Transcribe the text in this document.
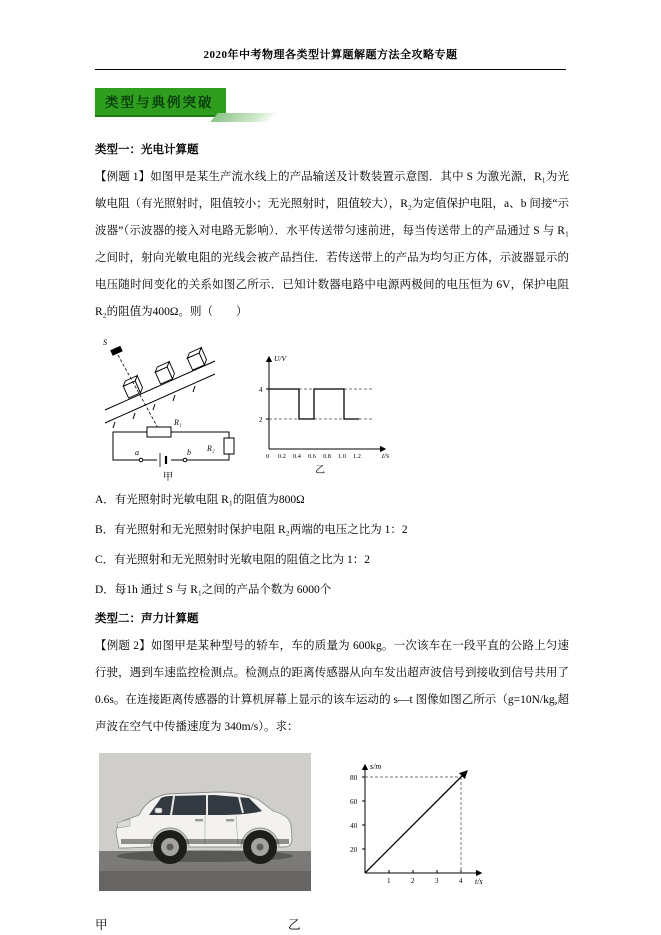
2020年中考物理各类型计算题解题方法全攻略专题
类型与典例突破
类型一：光电计算题

【例题 1】如图甲是某生产流水线上的产品输送及计数装置示意图．其中 S 为激光源，R₁为光敏电阻（有光照射时，阻值较小；无光照射时，阻值较大），R₂为定值保护电阻，a、b 间接“示波器”（示波器的接入对电路无影响）．水平传送带匀速前进，每当传送带上的产品通过 S 与 R₁之间时，射向光敏电阻的光线会被产品挡住．若传送带上的产品为均匀正方体，示波器显示的电压随时间变化的关系如图乙所示．已知计数器电路中电源两极间的电压恒为 6V，保护电阻 R₂的阻值为400Ω。则（　　）

S
R₁
R₂
a	b
甲
U/V
t/s
4
2
0 0.2 0.4 0.6 0.8 1.0 1.2
乙

A．有光照射时光敏电阻 R₁的阻值为800Ω

B．有光照射和无光照射时保护电阻 R₂两端的电压之比为 1：2

C．有光照射和无光照射时光敏电阻的阻值之比为 1：2

D．每1h 通过 S 与 R₁之间的产品个数为 6000个

类型二：声力计算题

【例题 2】如图甲是某种型号的轿车，车的质量为 600kg。一次该车在一段平直的公路上匀速行驶，遇到车速监控检测点。检测点的距离传感器从向车发出超声波信号到接收到信号共用了 0.6s。在连接距离传感器的计算机屏幕上显示的该车运动的 s—t 图像如图乙所示（g=10N/kg,超声波在空气中传播速度为 340m/s）。求：

s/m
t/s
20
40
60
80
1	2	3	4
甲	乙
